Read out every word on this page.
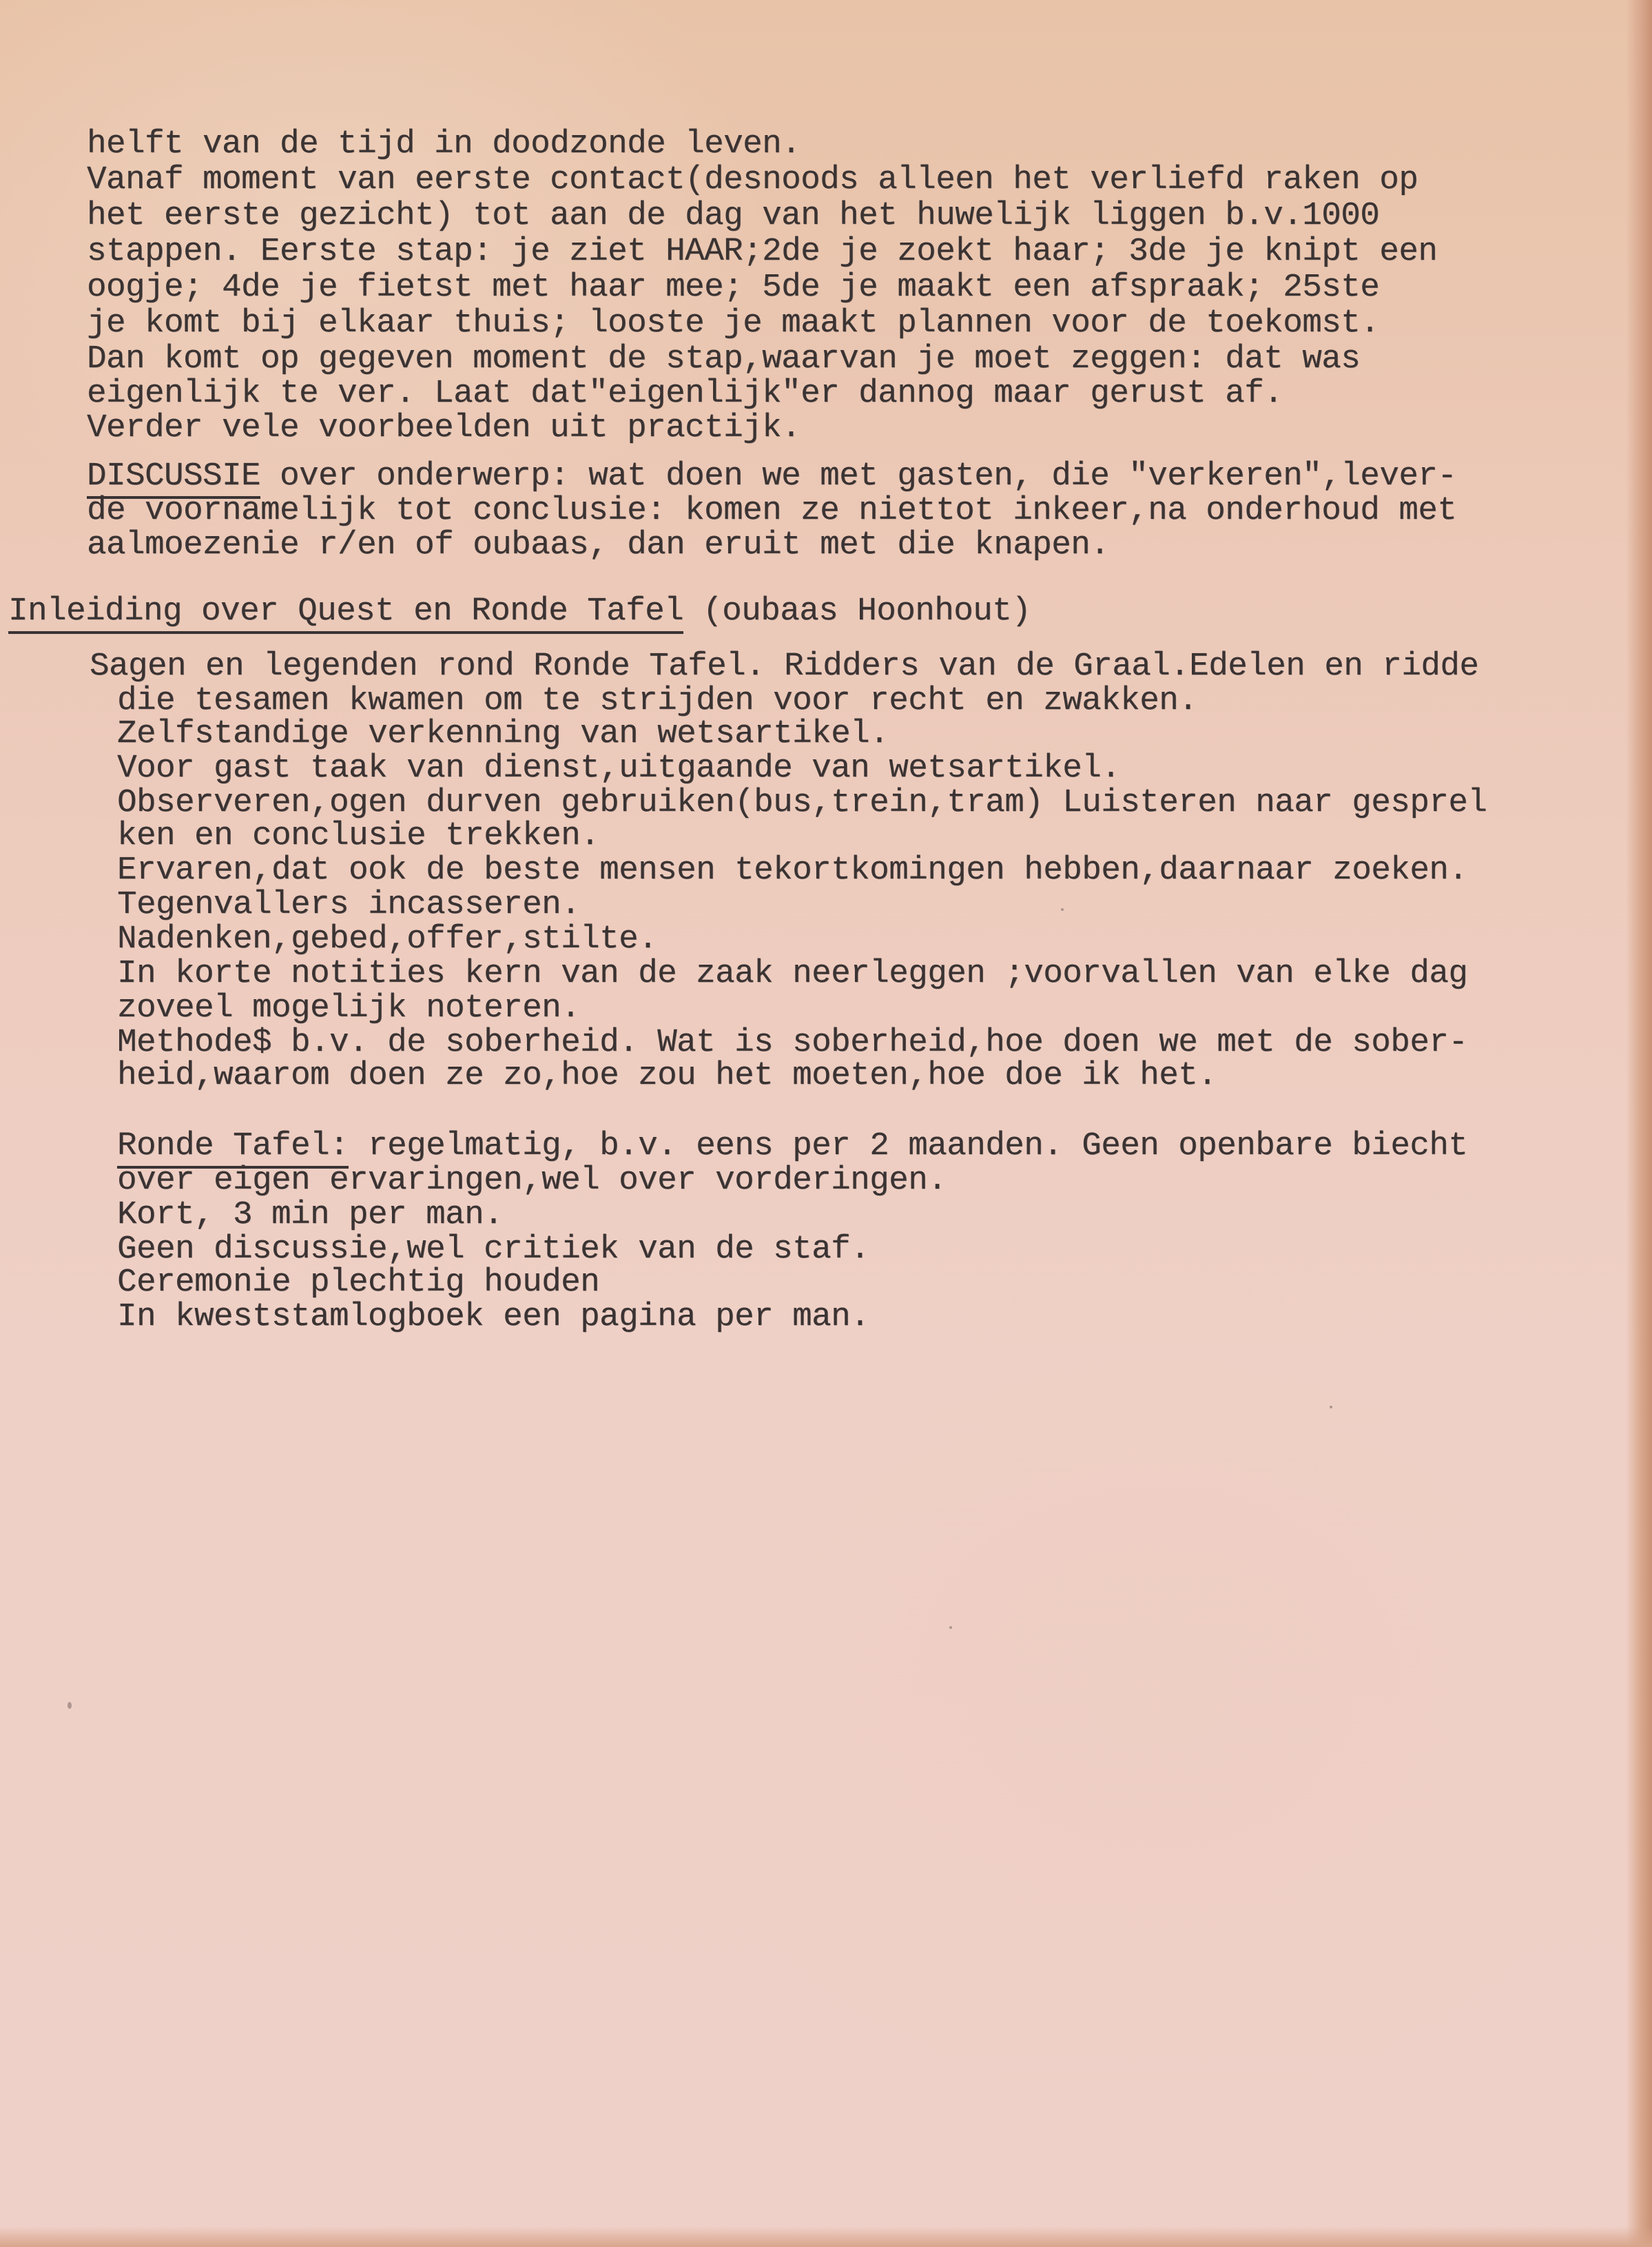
helft van de tijd in doodzonde leven.
Vanaf moment van eerste contact(desnoods alleen het verliefd raken op
het eerste gezicht) tot aan de dag van het huwelijk liggen b.v.1000
stappen. Eerste stap: je ziet HAAR;2de je zoekt haar; 3de je knipt een
oogje; 4de je fietst met haar mee; 5de je maakt een afspraak; 25ste
je komt bij elkaar thuis; looste je maakt plannen voor de toekomst.
Dan komt op gegeven moment de stap,waarvan je moet zeggen: dat was
eigenlijk te ver. Laat dat"eigenlijk"er dannog maar gerust af.
Verder vele voorbeelden uit practijk.
DISCUSSIE over onderwerp: wat doen we met gasten, die "verkeren",lever-
de voornamelijk tot conclusie: komen ze niettot inkeer,na onderhoud met
aalmoezenie r/en of oubaas, dan eruit met die knapen.
Inleiding over Quest en Ronde Tafel (oubaas Hoonhout)
Sagen en legenden rond Ronde Tafel. Ridders van de Graal.Edelen en ridde
die tesamen kwamen om te strijden voor recht en zwakken.
Zelfstandige verkenning van wetsartikel.
Voor gast taak van dienst,uitgaande van wetsartikel.
Observeren,ogen durven gebruiken(bus,trein,tram) Luisteren naar gesprel
ken en conclusie trekken.
Ervaren,dat ook de beste mensen tekortkomingen hebben,daarnaar zoeken.
Tegenvallers incasseren.
Nadenken,gebed,offer,stilte.
In korte notities kern van de zaak neerleggen ;voorvallen van elke dag
zoveel mogelijk noteren.
Methode$ b.v. de soberheid. Wat is soberheid,hoe doen we met de sober-
heid,waarom doen ze zo,hoe zou het moeten,hoe doe ik het.
Ronde Tafel: regelmatig, b.v. eens per 2 maanden. Geen openbare biecht
over eigen ervaringen,wel over vorderingen.
Kort, 3 min per man.
Geen discussie,wel critiek van de staf.
Ceremonie plechtig houden
In kweststamlogboek een pagina per man.
